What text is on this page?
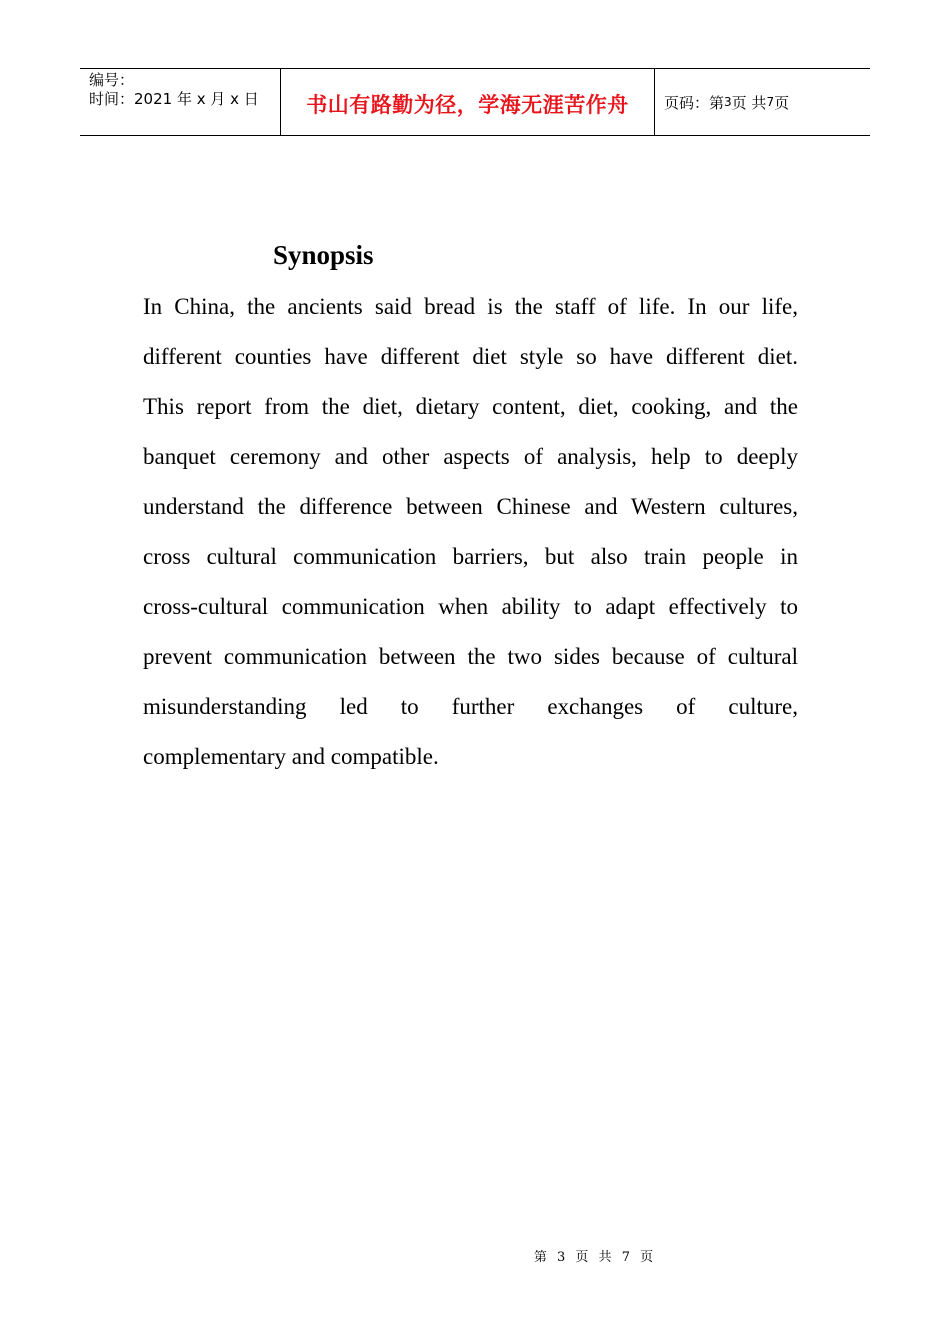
编号：
时间：2021 年 x 月 x 日	书山有路勤为径，学海无涯苦作舟 页码：第 3 页 共 7 页
Synopsis
In China, the ancients said bread is the staff of life. In our life,
different counties have different diet style so have different diet.
This report from the diet, dietary content, diet, cooking, and the
banquet ceremony and other aspects of analysis, help to deeply
understand the difference between Chinese and Western cultures,
cross cultural communication barriers, but also train people in
cross-cultural communication when ability to adapt effectively to
prevent communication between the two sides because of cultural
misunderstanding led to further exchanges of culture,
complementary and compatible.
第 3 页 共 7 页
